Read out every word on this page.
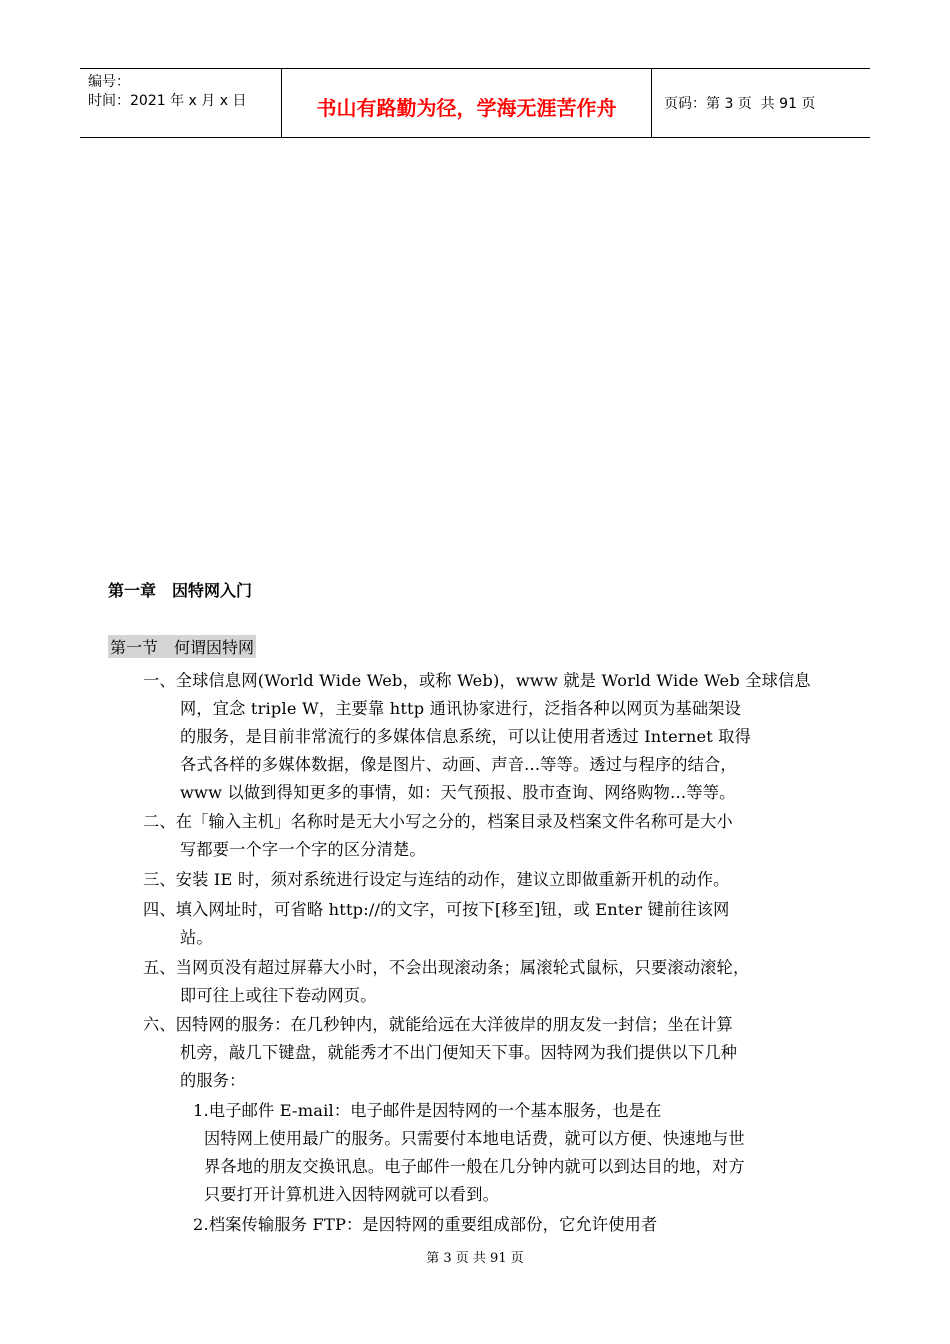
编号：
时间：2021 年 x 月 x 日	书山有路勤为径，学海无涯苦作舟	页码：第 3 页  共 91 页
第一章　因特网入门
第一节　何谓因特网
一、全球信息网(World Wide Web，或称 Web)，www 就是 World Wide Web 全球信息
网，宜念 triple W，主要靠 http 通讯协家进行，泛指各种以网页为基础架设
的服务，是目前非常流行的多媒体信息系统，可以让使用者透过 Internet 取得
各式各样的多媒体数据，像是图片、动画、声音...等等。透过与程序的结合，
www 以做到得知更多的事情，如：天气预报、股市查询、网络购物…等等。
二、在「输入主机」名称时是无大小写之分的，档案目录及档案文件名称可是大小
写都要一个字一个字的区分清楚。
三、安装 IE 时，须对系统进行设定与连结的动作，建议立即做重新开机的动作。
四、填入网址时，可省略 http://的文字，可按下[移至]钮，或 Enter 键前往该网
站。
五、当网页没有超过屏幕大小时，不会出现滚动条；属滚轮式鼠标，只要滚动滚轮，
即可往上或往下卷动网页。
六、因特网的服务：在几秒钟内，就能给远在大洋彼岸的朋友发一封信；坐在计算
机旁，敲几下键盘，就能秀才不出门便知天下事。因特网为我们提供以下几种
的服务：
1.电子邮件 E-mail：电子邮件是因特网的一个基本服务，也是在
因特网上使用最广的服务。只需要付本地电话费，就可以方便、快速地与世
界各地的朋友交换讯息。电子邮件一般在几分钟内就可以到达目的地，对方
只要打开计算机进入因特网就可以看到。
2.档案传输服务 FTP：是因特网的重要组成部份，它允许使用者
第 3 页 共 91 页
